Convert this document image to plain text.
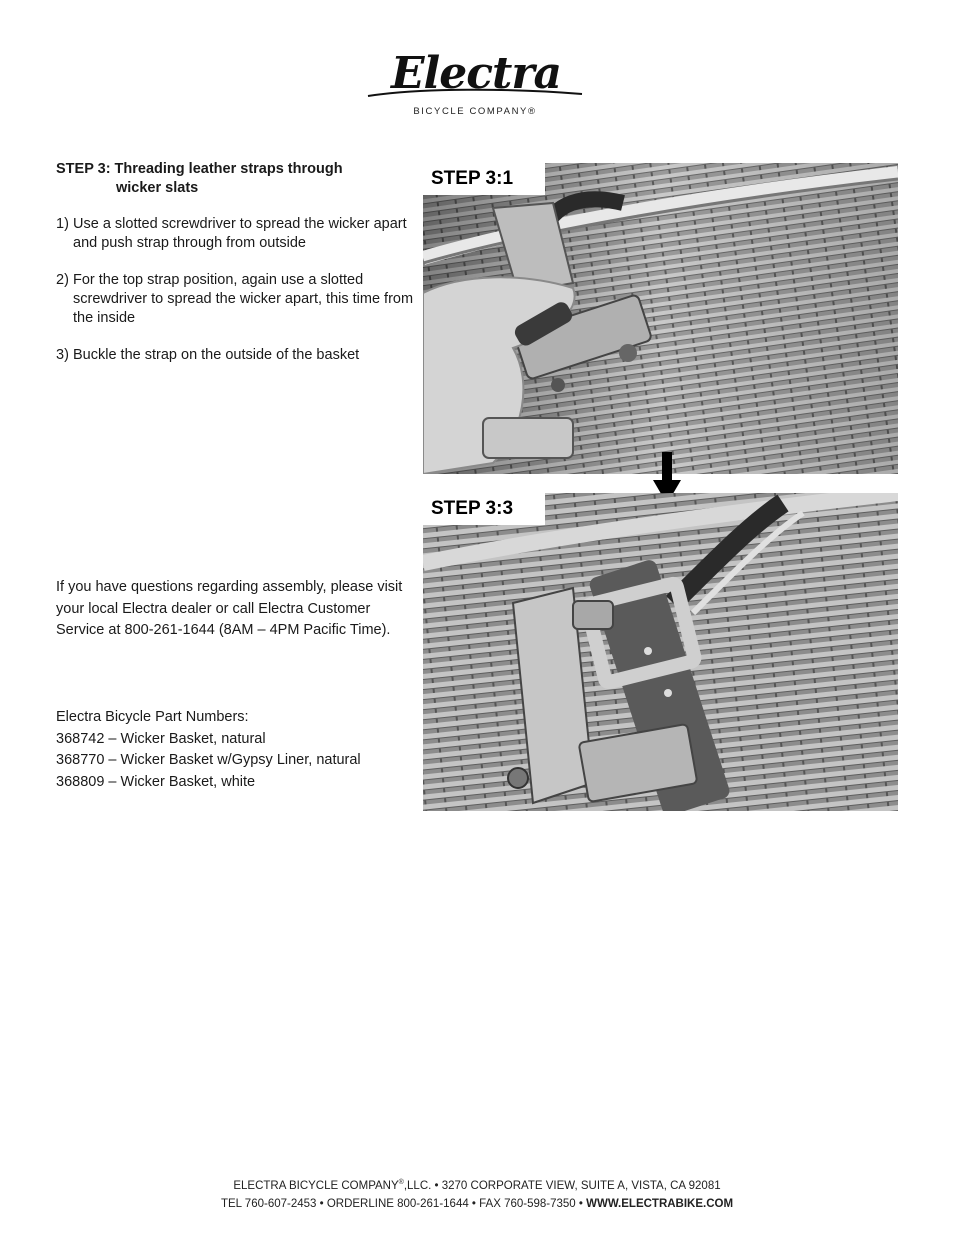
Electra
BICYCLE COMPANY®
STEP 3: Threading leather straps through
wicker slats
1) Use a slotted screwdriver to spread the wicker apart and push strap through from outside
2) For the top strap position, again use a slotted screwdriver to spread the wicker apart, this time from the inside
3) Buckle the strap on the outside of the basket
If you have questions regarding assembly, please visit your local Electra dealer or call Electra Customer Service at 800-261-1644 (8AM – 4PM Pacific Time).
Electra Bicycle Part Numbers:
368742 – Wicker Basket, natural
368770 – Wicker Basket w/Gypsy Liner, natural
368809 – Wicker Basket, white
STEP 3:1
STEP 3:3
ELECTRA BICYCLE COMPANY®,LLC. • 3270 CORPORATE VIEW, SUITE A, VISTA, CA 92081
TEL 760-607-2453 • ORDERLINE 800-261-1644 • FAX 760-598-7350 • WWW.ELECTRABIKE.COM
